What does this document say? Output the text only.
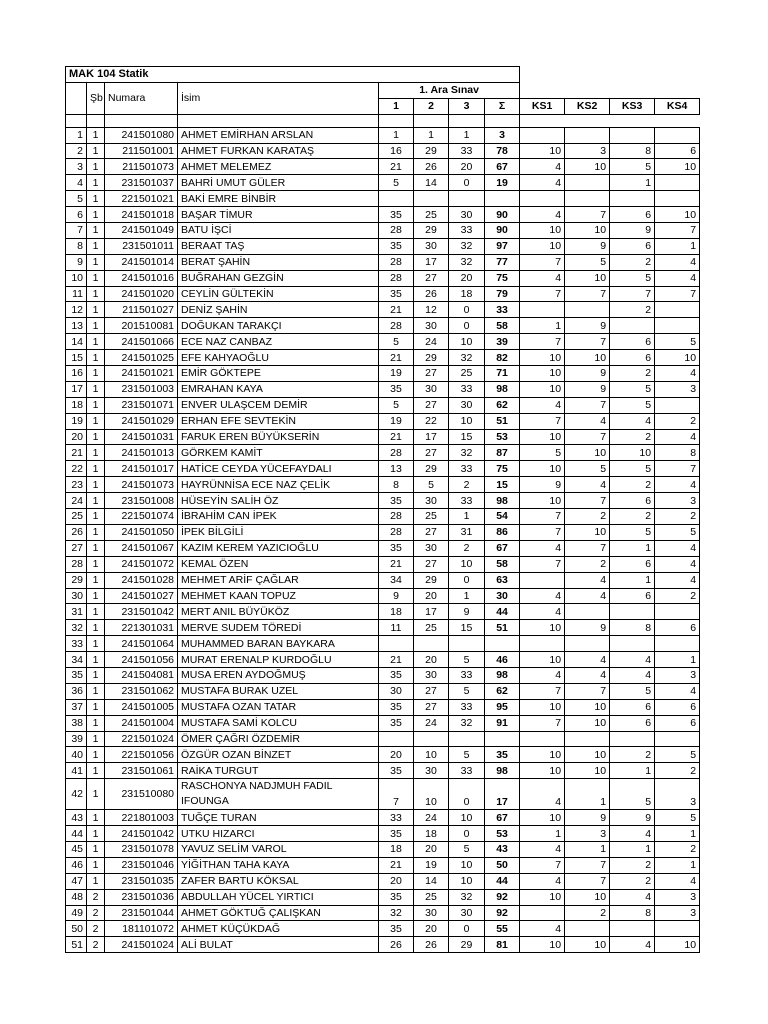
MAK 104 Statik											
	Şb	Numara	İsim	1. Ara Sınav							
				1	2	3	Σ	KS1	KS2	KS3	KS4

1	1	241501080	AHMET EMİRHAN ARSLAN	1	1	1	3				
2	1	211501001	AHMET FURKAN KARATAŞ	16	29	33	78	10	3	8	6
3	1	211501073	AHMET MELEMEZ	21	26	20	67	4	10	5	10
4	1	231501037	BAHRİ UMUT GÜLER	5	14	0	19	4		1	
5	1	221501021	BAKİ EMRE BİNBİR								
6	1	241501018	BAŞAR TİMUR	35	25	30	90	4	7	6	10
7	1	241501049	BATU İŞCİ	28	29	33	90	10	10	9	7
8	1	231501011	BERAAT TAŞ	35	30	32	97	10	9	6	1
9	1	241501014	BERAT ŞAHİN	28	17	32	77	7	5	2	4
10	1	241501016	BUĞRAHAN GEZGİN	28	27	20	75	4	10	5	4
11	1	241501020	CEYLİN GÜLTEKİN	35	26	18	79	7	7	7	7
12	1	211501027	DENİZ ŞAHİN	21	12	0	33			2	
13	1	201510081	DOĞUKAN TARAKÇI	28	30	0	58	1	9		
14	1	241501066	ECE NAZ CANBAZ	5	24	10	39	7	7	6	5
15	1	241501025	EFE KAHYAOĞLU	21	29	32	82	10	10	6	10
16	1	241501021	EMİR GÖKTEPE	19	27	25	71	10	9	2	4
17	1	231501003	EMRAHAN KAYA	35	30	33	98	10	9	5	3
18	1	231501071	ENVER ULAŞCEM DEMİR	5	27	30	62	4	7	5	
19	1	241501029	ERHAN EFE SEVTEKİN	19	22	10	51	7	4	4	2
20	1	241501031	FARUK EREN BÜYÜKSERİN	21	17	15	53	10	7	2	4
21	1	241501013	GÖRKEM KAMİT	28	27	32	87	5	10	10	8
22	1	241501017	HATİCE CEYDA YÜCEFAYDALI	13	29	33	75	10	5	5	7
23	1	241501073	HAYRÜNNİSA ECE NAZ ÇELİK	8	5	2	15	9	4	2	4
24	1	231501008	HÜSEYİN SALİH ÖZ	35	30	33	98	10	7	6	3
25	1	221501074	İBRAHİM CAN İPEK	28	25	1	54	7	2	2	2
26	1	241501050	İPEK BİLGİLİ	28	27	31	86	7	10	5	5
27	1	241501067	KAZIM KEREM YAZICIOĞLU	35	30	2	67	4	7	1	4
28	1	241501072	KEMAL ÖZEN	21	27	10	58	7	2	6	4
29	1	241501028	MEHMET ARİF ÇAĞLAR	34	29	0	63		4	1	4
30	1	241501027	MEHMET KAAN TOPUZ	9	20	1	30	4	4	6	2
31	1	231501042	MERT ANIL BÜYÜKÖZ	18	17	9	44	4			
32	1	221301031	MERVE SUDEM TÖREDİ	11	25	15	51	10	9	8	6
33	1	241501064	MUHAMMED BARAN BAYKARA								
34	1	241501056	MURAT ERENALP KURDOĞLU	21	20	5	46	10	4	4	1
35	1	241504081	MUSA EREN AYDOĞMUŞ	35	30	33	98	4	4	4	3
36	1	231501062	MUSTAFA BURAK UZEL	30	27	5	62	7	7	5	4
37	1	241501005	MUSTAFA OZAN TATAR	35	27	33	95	10	10	6	6
38	1	241501004	MUSTAFA SAMİ KOLCU	35	24	32	91	7	10	6	6
39	1	221501024	ÖMER ÇAĞRI ÖZDEMİR								
40	1	221501056	ÖZGÜR OZAN BİNZET	20	10	5	35	10	10	2	5
41	1	231501061	RAİKA TURGUT	35	30	33	98	10	10	1	2
42	1	231510080	RASCHONYA NADJMUH FADIL IFOUNGA	7	10	0	17	4	1	5	3
43	1	221801003	TUĞÇE TURAN	33	24	10	67	10	9	9	5
44	1	241501042	UTKU HIZARCI	35	18	0	53	1	3	4	1
45	1	231501078	YAVUZ SELİM VAROL	18	20	5	43	4	1	1	2
46	1	231501046	YİĞİTHAN TAHA KAYA	21	19	10	50	7	7	2	1
47	1	231501035	ZAFER BARTU KÖKSAL	20	14	10	44	4	7	2	4
48	2	231501036	ABDULLAH YÜCEL YIRTICI	35	25	32	92	10	10	4	3
49	2	231501044	AHMET GÖKTUĞ ÇALIŞKAN	32	30	30	92		2	8	3
50	2	181101072	AHMET KÜÇÜKDAĞ	35	20	0	55	4			
51	2	241501024	ALİ BULAT	26	26	29	81	10	10	4	10
